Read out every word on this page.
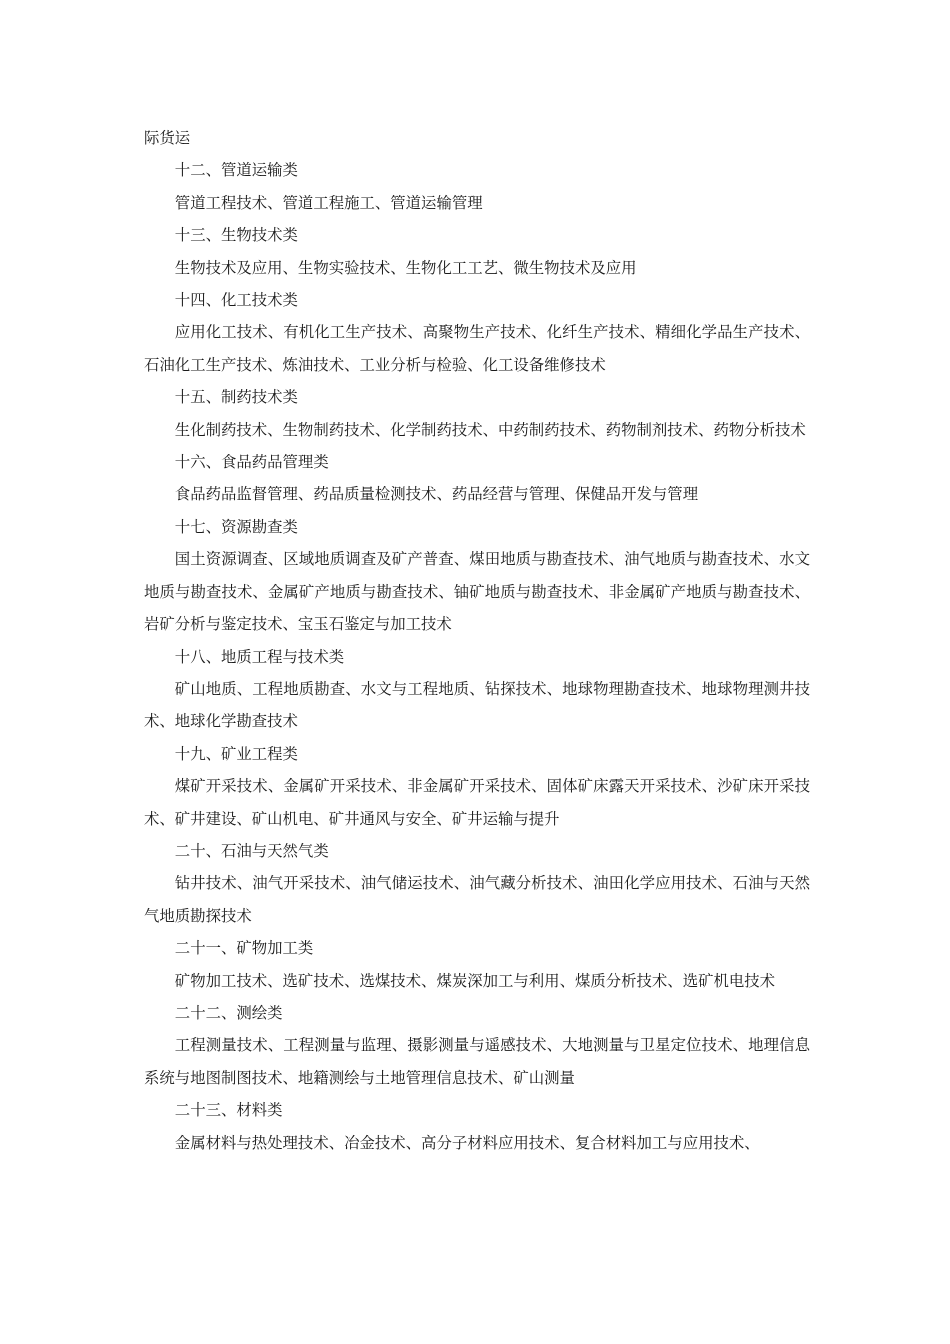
际货运

十二、管道运输类

管道工程技术、管道工程施工、管道运输管理

十三、生物技术类

生物技术及应用、生物实验技术、生物化工工艺、微生物技术及应用

十四、化工技术类

应用化工技术、有机化工生产技术、高聚物生产技术、化纤生产技术、精细化学品生产技术、石油化工生产技术、炼油技术、工业分析与检验、化工设备维修技术

十五、制药技术类

生化制药技术、生物制药技术、化学制药技术、中药制药技术、药物制剂技术、药物分析技术

十六、食品药品管理类

食品药品监督管理、药品质量检测技术、药品经营与管理、保健品开发与管理

十七、资源勘查类

国土资源调查、区域地质调查及矿产普查、煤田地质与勘查技术、油气地质与勘查技术、水文地质与勘查技术、金属矿产地质与勘查技术、铀矿地质与勘查技术、非金属矿产地质与勘查技术、岩矿分析与鉴定技术、宝玉石鉴定与加工技术

十八、地质工程与技术类

矿山地质、工程地质勘查、水文与工程地质、钻探技术、地球物理勘查技术、地球物理测井技术、地球化学勘查技术

十九、矿业工程类

煤矿开采技术、金属矿开采技术、非金属矿开采技术、固体矿床露天开采技术、沙矿床开采技术、矿井建设、矿山机电、矿井通风与安全、矿井运输与提升

二十、石油与天然气类

钻井技术、油气开采技术、油气储运技术、油气藏分析技术、油田化学应用技术、石油与天然气地质勘探技术

二十一、矿物加工类

矿物加工技术、选矿技术、选煤技术、煤炭深加工与利用、煤质分析技术、选矿机电技术

二十二、测绘类

工程测量技术、工程测量与监理、摄影测量与遥感技术、大地测量与卫星定位技术、地理信息系统与地图制图技术、地籍测绘与土地管理信息技术、矿山测量

二十三、材料类

金属材料与热处理技术、冶金技术、高分子材料应用技术、复合材料加工与应用技术、
